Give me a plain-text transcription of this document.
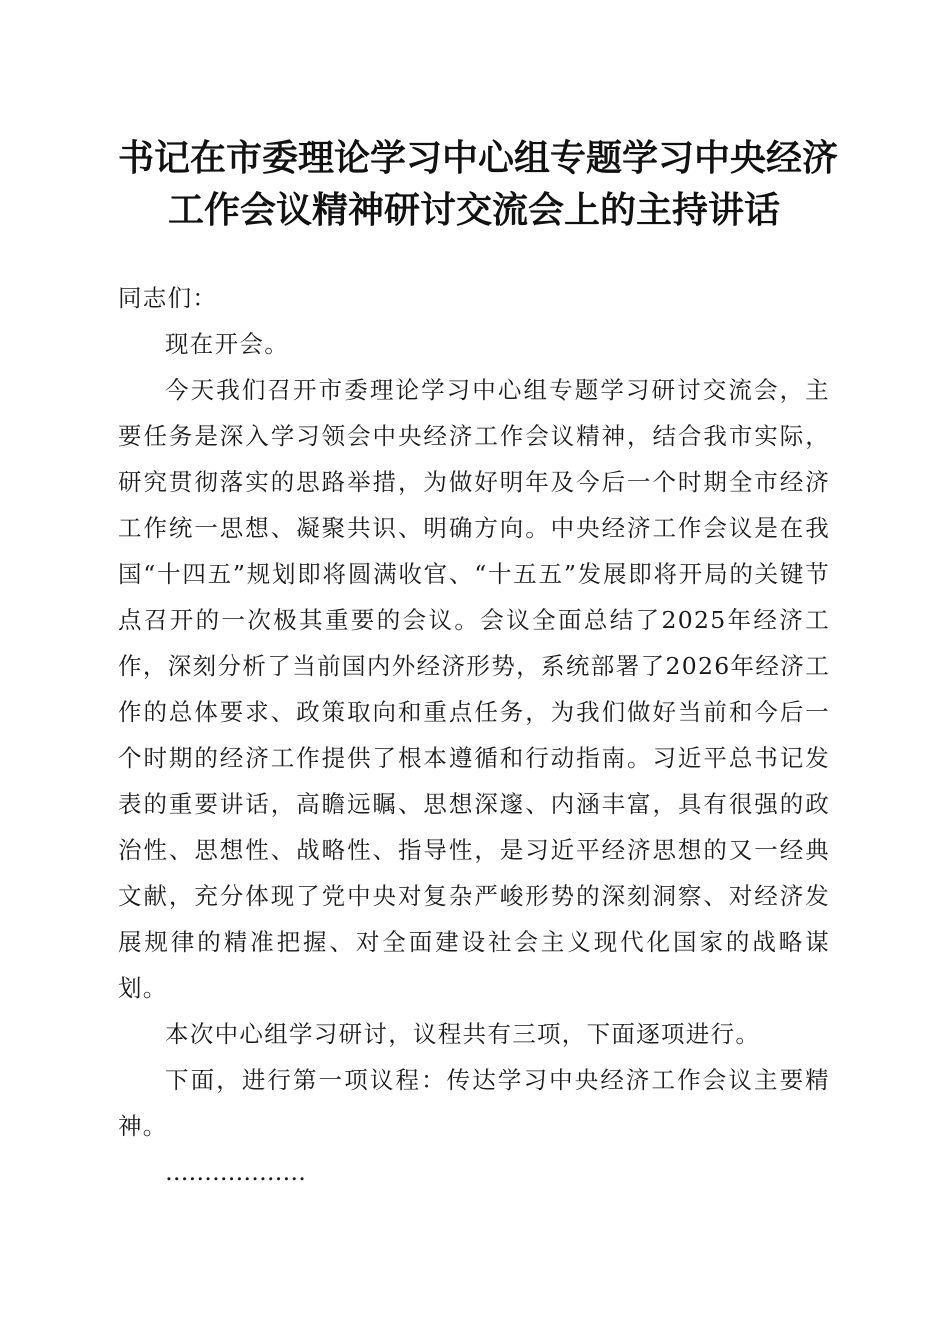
书记在市委理论学习中心组专题学习中央经济
工作会议精神研讨交流会上的主持讲话

同志们：

现在开会。

今天我们召开市委理论学习中心组专题学习研讨交流会，主要任务是深入学习领会中央经济工作会议精神，结合我市实际，研究贯彻落实的思路举措，为做好明年及今后一个时期全市经济工作统一思想、凝聚共识、明确方向。中央经济工作会议是在我国“十四五”规划即将圆满收官、“十五五”发展即将开局的关键节点召开的一次极其重要的会议。会议全面总结了2025年经济工作，深刻分析了当前国内外经济形势，系统部署了2026年经济工作的总体要求、政策取向和重点任务，为我们做好当前和今后一个时期的经济工作提供了根本遵循和行动指南。习近平总书记发表的重要讲话，高瞻远瞩、思想深邃、内涵丰富，具有很强的政治性、思想性、战略性、指导性，是习近平经济思想的又一经典文献，充分体现了党中央对复杂严峻形势的深刻洞察、对经济发展规律的精准把握、对全面建设社会主义现代化国家的战略谋划。

本次中心组学习研讨，议程共有三项，下面逐项进行。

下面，进行第一项议程：传达学习中央经济工作会议主要精神。

………………
